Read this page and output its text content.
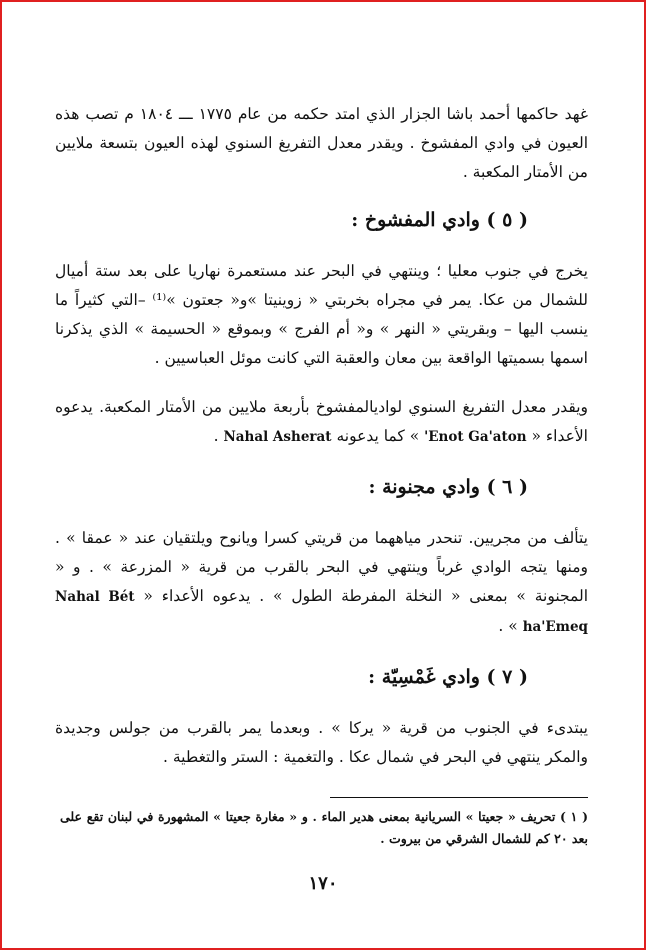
غهد حاكمها أحمد باشا الجزار الذي امتد حكمه من عام ١٧٧٥ ـــ ١٨٠٤ م تصب هذه العيون في وادي المفشوخ . ويقدر معدل التفريغ السنوي لهذه العيون بتسعة ملايين من الأمتار المكعبة .

( ٥ ) وادي المفشوخ :

يخرج في جنوب معليا ؛ وينتهي في البحر عند مستعمرة نهاريا على بعد ستة أميال للشمال من عكا. يمر في مجراه بخربتي « زوينيتا »و« جعتون »⁽¹⁾ –التي كثيراً ما ينسب اليها – وبقريتي « النهر » و« أم الفرج » وبموقع « الحسيمة » الذي يذكرنا اسمها بسميتها الواقعة بين معان والعقبة التي كانت موئل العباسيين .

ويقدر معدل التفريغ السنوي لواديالمفشوخ بأربعة ملايين من الأمتار المكعبة. يدعوه الأعداء « 'Enot Ga'aton » كما يدعونه Nahal Asherat .

( ٦ ) وادي مجنونة :

يتألف من مجريين. تنحدر مياههما من قريتي كسرا ويانوح ويلتقيان عند « عمقا » . ومنها يتجه الوادي غرباً وينتهي في البحر بالقرب من قرية « المزرعة » . و « المجنونة » بمعنى « النخلة المفرطة الطول » . يدعوه الأعداء « Nahal Bét ha'Emeq » .

( ٧ ) وادي غَمْسِيّة :

يبتدىء في الجنوب من قرية « يركا » . وبعدما يمر بالقرب من جولس وجديدة والمكر ينتهي في البحر في شمال عكا . والتغمية : الستر والتغطية .

( ١ ) تحريف « جعيتا » السريانية بمعنى هدير الماء . و « مغارة جعيتا » المشهورة في لبنان تقع على بعد ٢٠ كم للشمال الشرقي من بيروت .

١٧٠
